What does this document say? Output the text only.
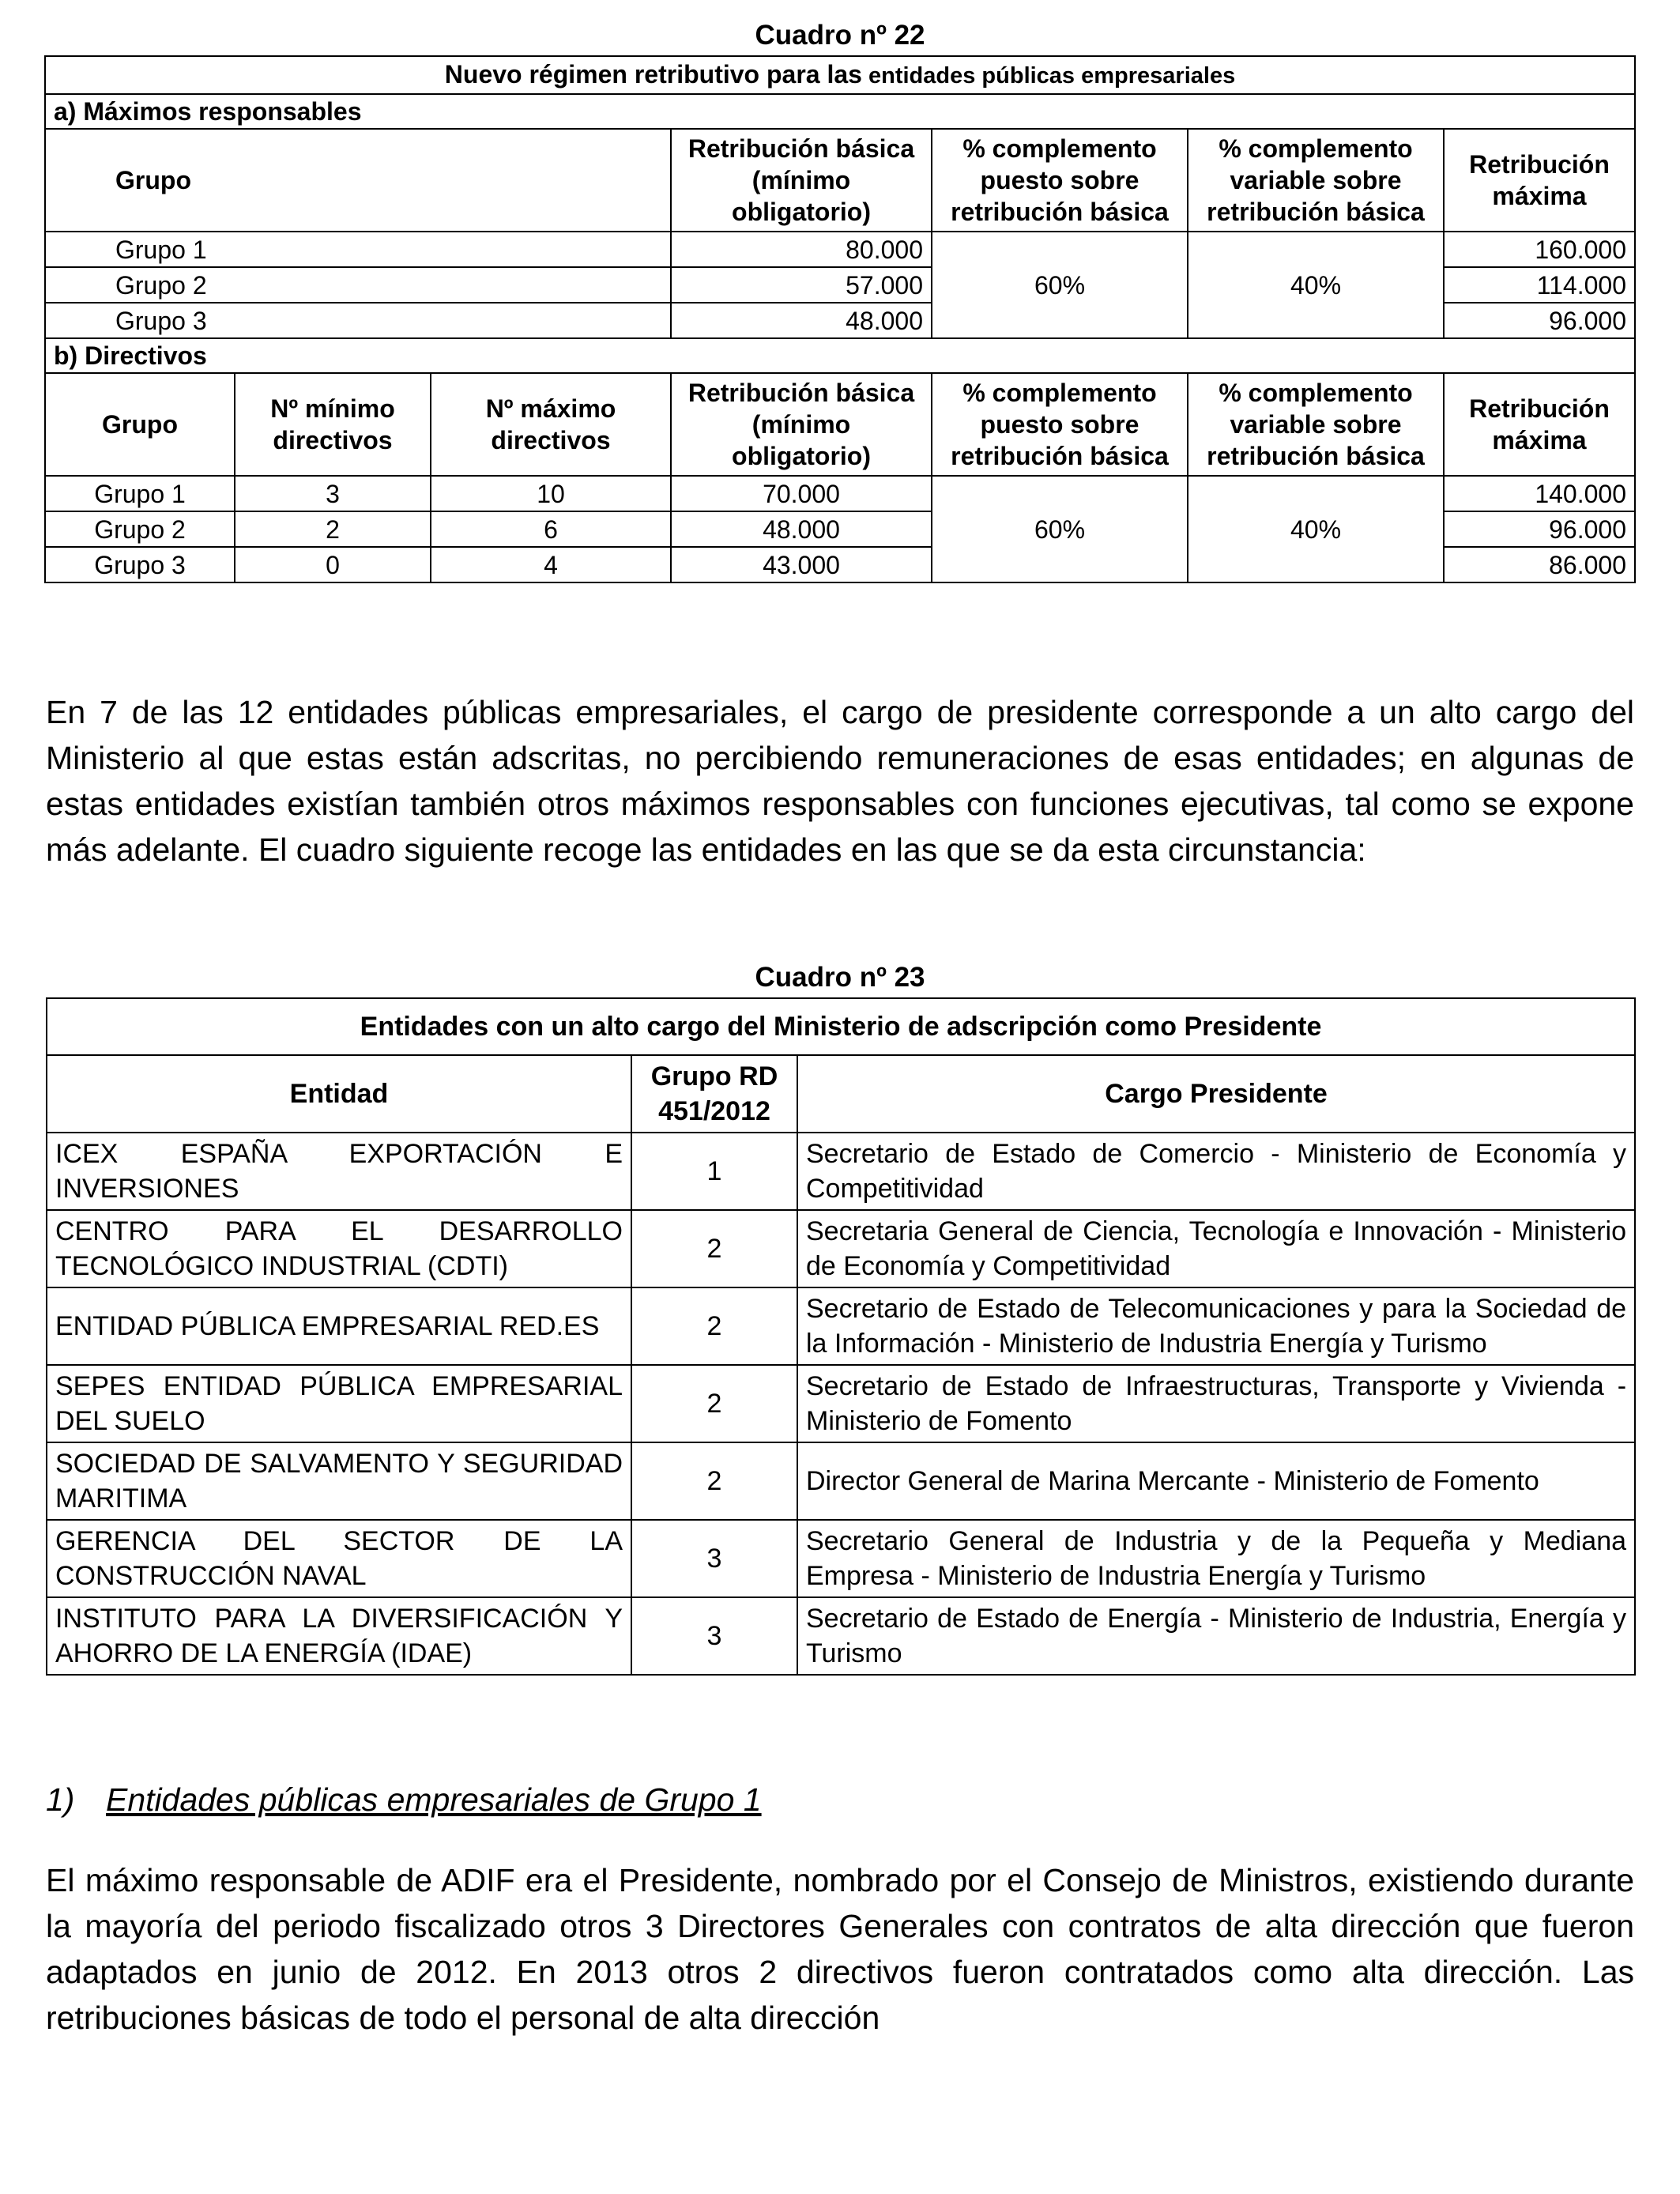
Cuadro nº 22
Nuevo régimen retributivo para las entidades públicas empresariales						
a) Máximos responsables						
Grupo			Retribución básica (mínimo obligatorio)	% complemento puesto sobre retribución básica	% complemento variable sobre retribución básica	Retribución máxima
Grupo 1			80.000	60%	40%	160.000
Grupo 2			57.000			114.000
Grupo 3			48.000			96.000
b) Directivos						
Grupo	Nº mínimo directivos	Nº máximo directivos	Retribución básica (mínimo obligatorio)	% complemento puesto sobre retribución básica	% complemento variable sobre retribución básica	Retribución máxima
Grupo 1	3	10	70.000	60%	40%	140.000
Grupo 2	2	6	48.000			96.000
Grupo 3	0	4	43.000			86.000
En 7 de las 12 entidades públicas empresariales, el cargo de presidente corresponde a un alto cargo del Ministerio al que estas están adscritas, no percibiendo remuneraciones de esas entidades; en algunas de estas entidades existían también otros máximos responsables con funciones ejecutivas, tal como se expone más adelante. El cuadro siguiente recoge las entidades en las que se da esta circunstancia:
Cuadro nº 23
Entidades con un alto cargo del Ministerio de adscripción como Presidente		
Entidad	Grupo RD 451/2012	Cargo Presidente
ICEX ESPAÑA EXPORTACIÓN E INVERSIONES	1	Secretario de Estado de Comercio - Ministerio de Economía y Competitividad
CENTRO PARA EL DESARROLLO TECNOLÓGICO INDUSTRIAL (CDTI)	2	Secretaria General de Ciencia, Tecnología e Innovación - Ministerio de Economía y Competitividad
ENTIDAD PÚBLICA EMPRESARIAL RED.ES	2	Secretario de Estado de Telecomunicaciones y para la Sociedad de la Información - Ministerio de Industria Energía y Turismo
SEPES ENTIDAD PÚBLICA EMPRESARIAL DEL SUELO	2	Secretario de Estado de Infraestructuras, Transporte y Vivienda - Ministerio de Fomento
SOCIEDAD DE SALVAMENTO Y SEGURIDAD MARITIMA	2	Director General de Marina Mercante - Ministerio de Fomento
GERENCIA DEL SECTOR DE LA CONSTRUCCIÓN NAVAL	3	Secretario General de Industria y de la Pequeña y Mediana Empresa - Ministerio de Industria Energía y Turismo
INSTITUTO PARA LA DIVERSIFICACIÓN Y AHORRO DE LA ENERGÍA (IDAE)	3	Secretario de Estado de Energía - Ministerio de Industria, Energía y Turismo
1) Entidades públicas empresariales de Grupo 1
El máximo responsable de ADIF era el Presidente, nombrado por el Consejo de Ministros, existiendo durante la mayoría del periodo fiscalizado otros 3 Directores Generales con contratos de alta dirección que fueron adaptados en junio de 2012. En 2013 otros 2 directivos fueron contratados como alta dirección. Las retribuciones básicas de todo el personal de alta dirección
